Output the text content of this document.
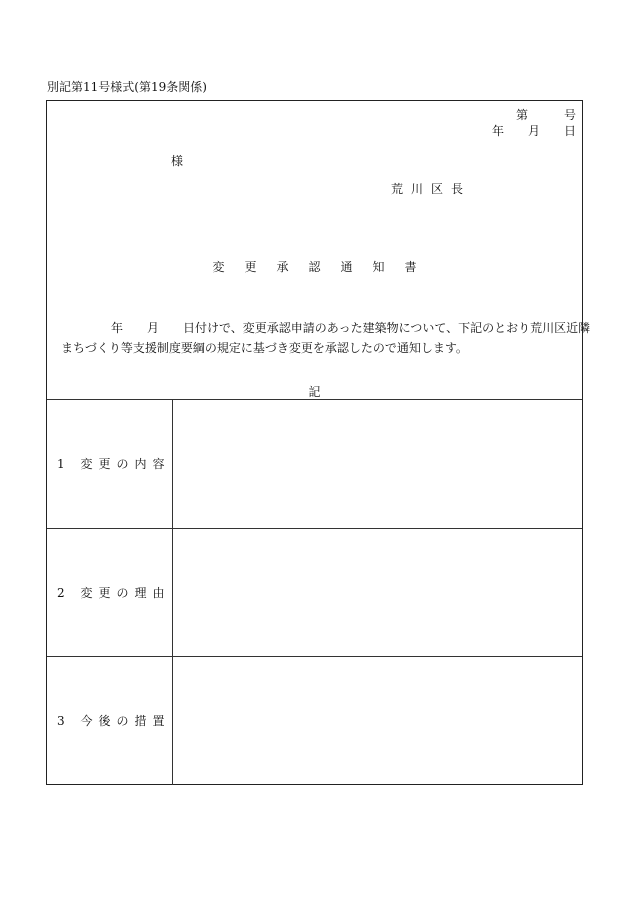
別記第11号様式(第19条関係)
第　　　号
年　　月　　日
様
荒川区長
変更承認通知書
年　　月　　日付けで、変更承認申請のあった建築物について、下記のとおり荒川区近隣
まちづくり等支援制度要綱の規定に基づき変更を承認したので通知します。
記
1 変更の内容
2 変更の理由
3 今後の措置
